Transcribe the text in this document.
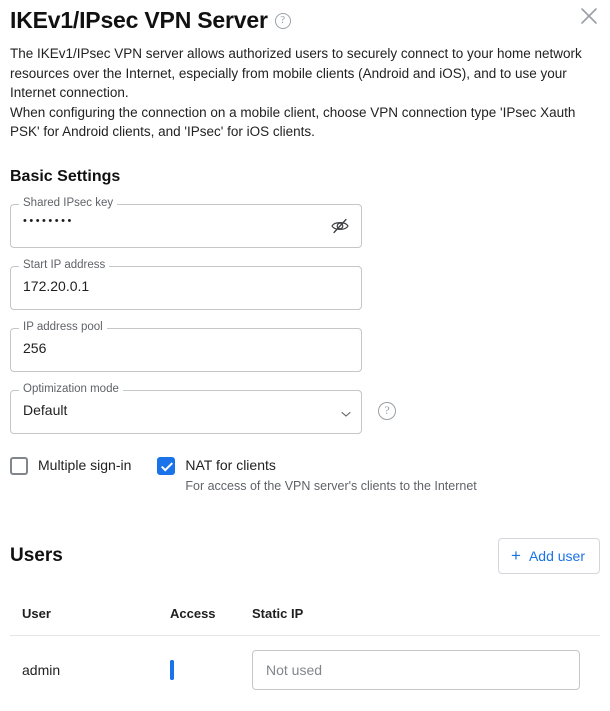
IKEv1/IPsec VPN Server	?

The IKEv1/IPsec VPN server allows authorized users to securely connect to your home network resources over the Internet, especially from mobile clients (Android and iOS), and to use your Internet connection.

When configuring the connection on a mobile client, choose VPN connection type 'IPsec Xauth PSK' for Android clients, and 'IPsec' for iOS clients.

Basic Settings
Shared IPsec key
••••••••
Start IP address
172.20.0.1
IP address pool
256
Optimization mode
Default	?
Multiple sign-in	NAT for clients
For access of the VPN server's clients to the Internet
Users	+ Add user
User	Access	Static IP
admin		Not used
